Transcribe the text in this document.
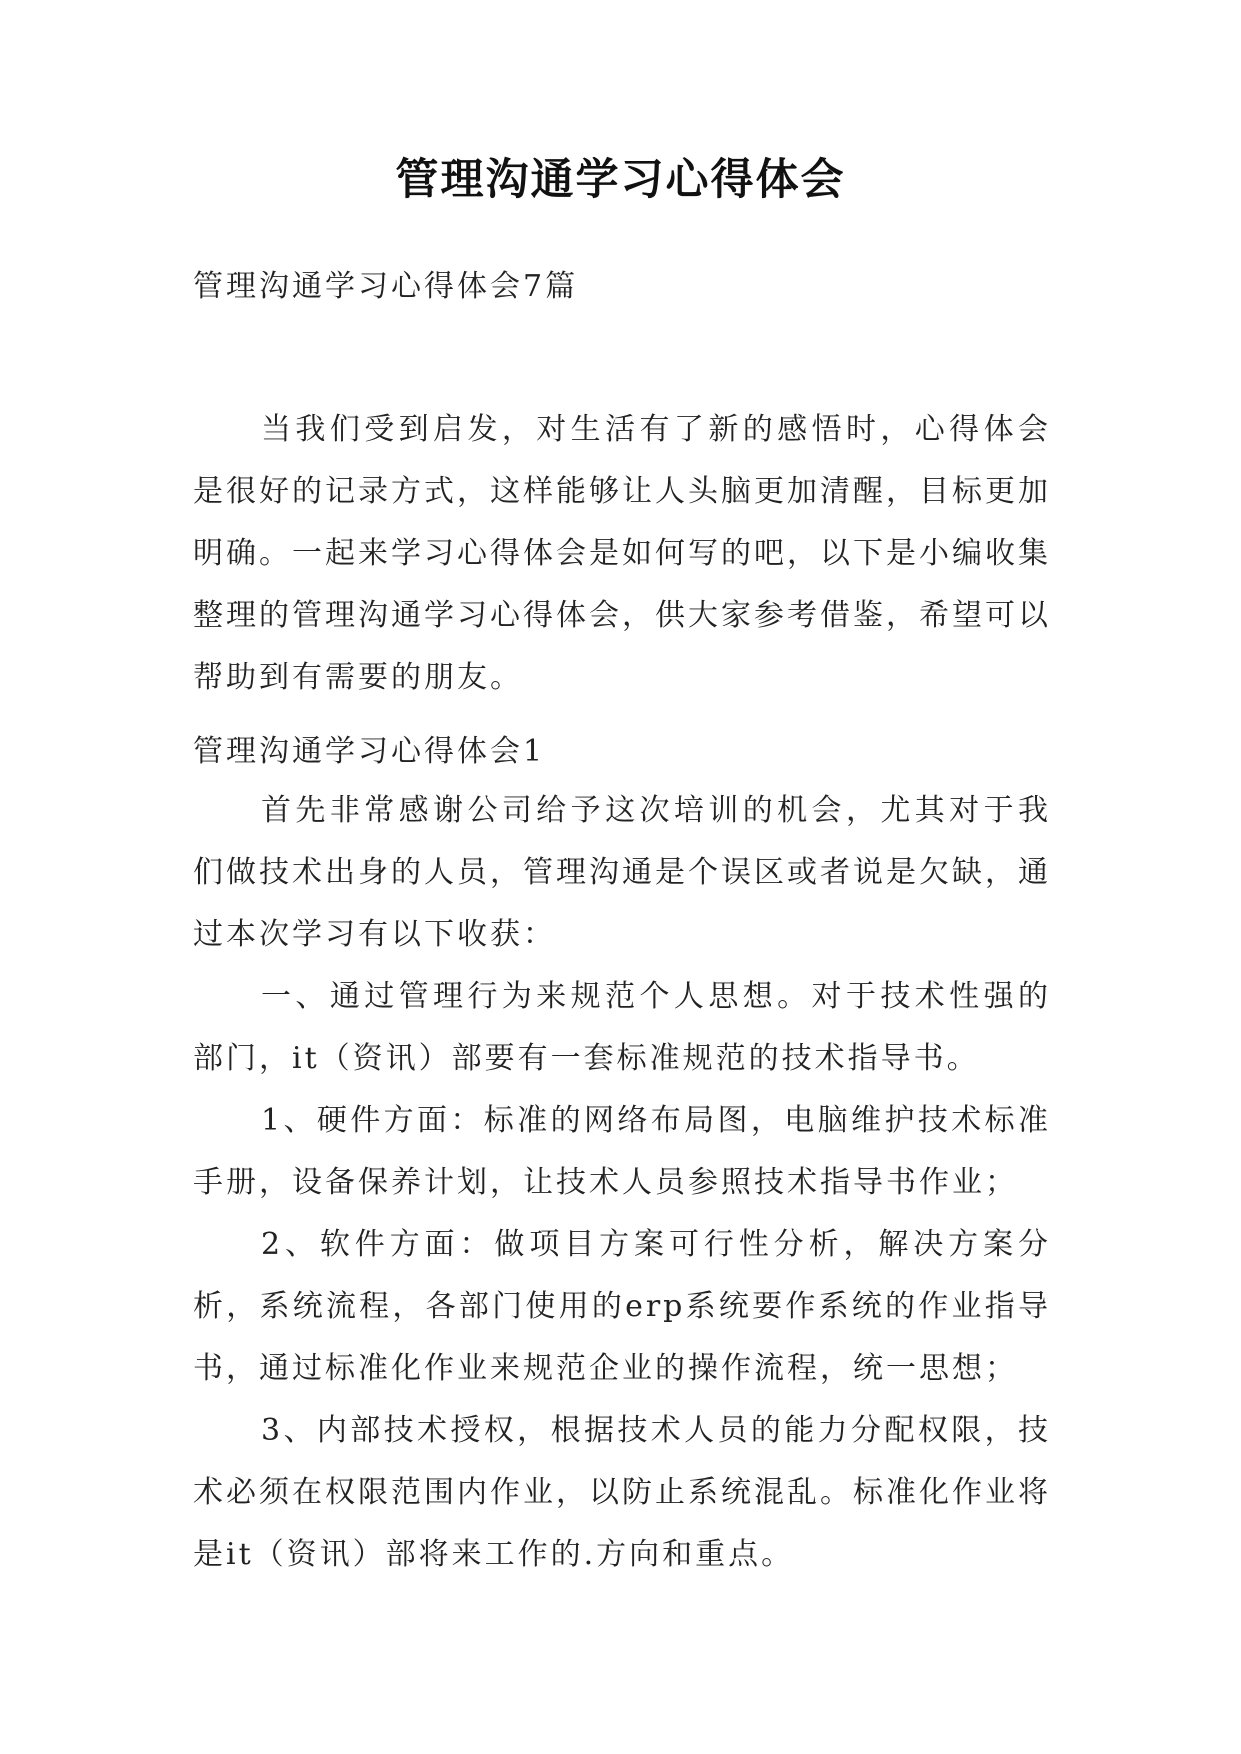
管理沟通学习心得体会
管理沟通学习心得体会7篇

当我们受到启发，对生活有了新的感悟时，心得体会是很好的记录方式，这样能够让人头脑更加清醒，目标更加明确。一起来学习心得体会是如何写的吧，以下是小编收集整理的管理沟通学习心得体会，供大家参考借鉴，希望可以帮助到有需要的朋友。

管理沟通学习心得体会1

首先非常感谢公司给予这次培训的机会，尤其对于我们做技术出身的人员，管理沟通是个误区或者说是欠缺，通过本次学习有以下收获：

一、通过管理行为来规范个人思想。对于技术性强的部门，it（资讯）部要有一套标准规范的技术指导书。

1、硬件方面：标准的网络布局图，电脑维护技术标准手册，设备保养计划，让技术人员参照技术指导书作业；

2、软件方面：做项目方案可行性分析，解决方案分析，系统流程，各部门使用的erp系统要作系统的作业指导书，通过标准化作业来规范企业的操作流程，统一思想；

3、内部技术授权，根据技术人员的能力分配权限，技术必须在权限范围内作业，以防止系统混乱。标准化作业将是it（资讯）部将来工作的.方向和重点。
